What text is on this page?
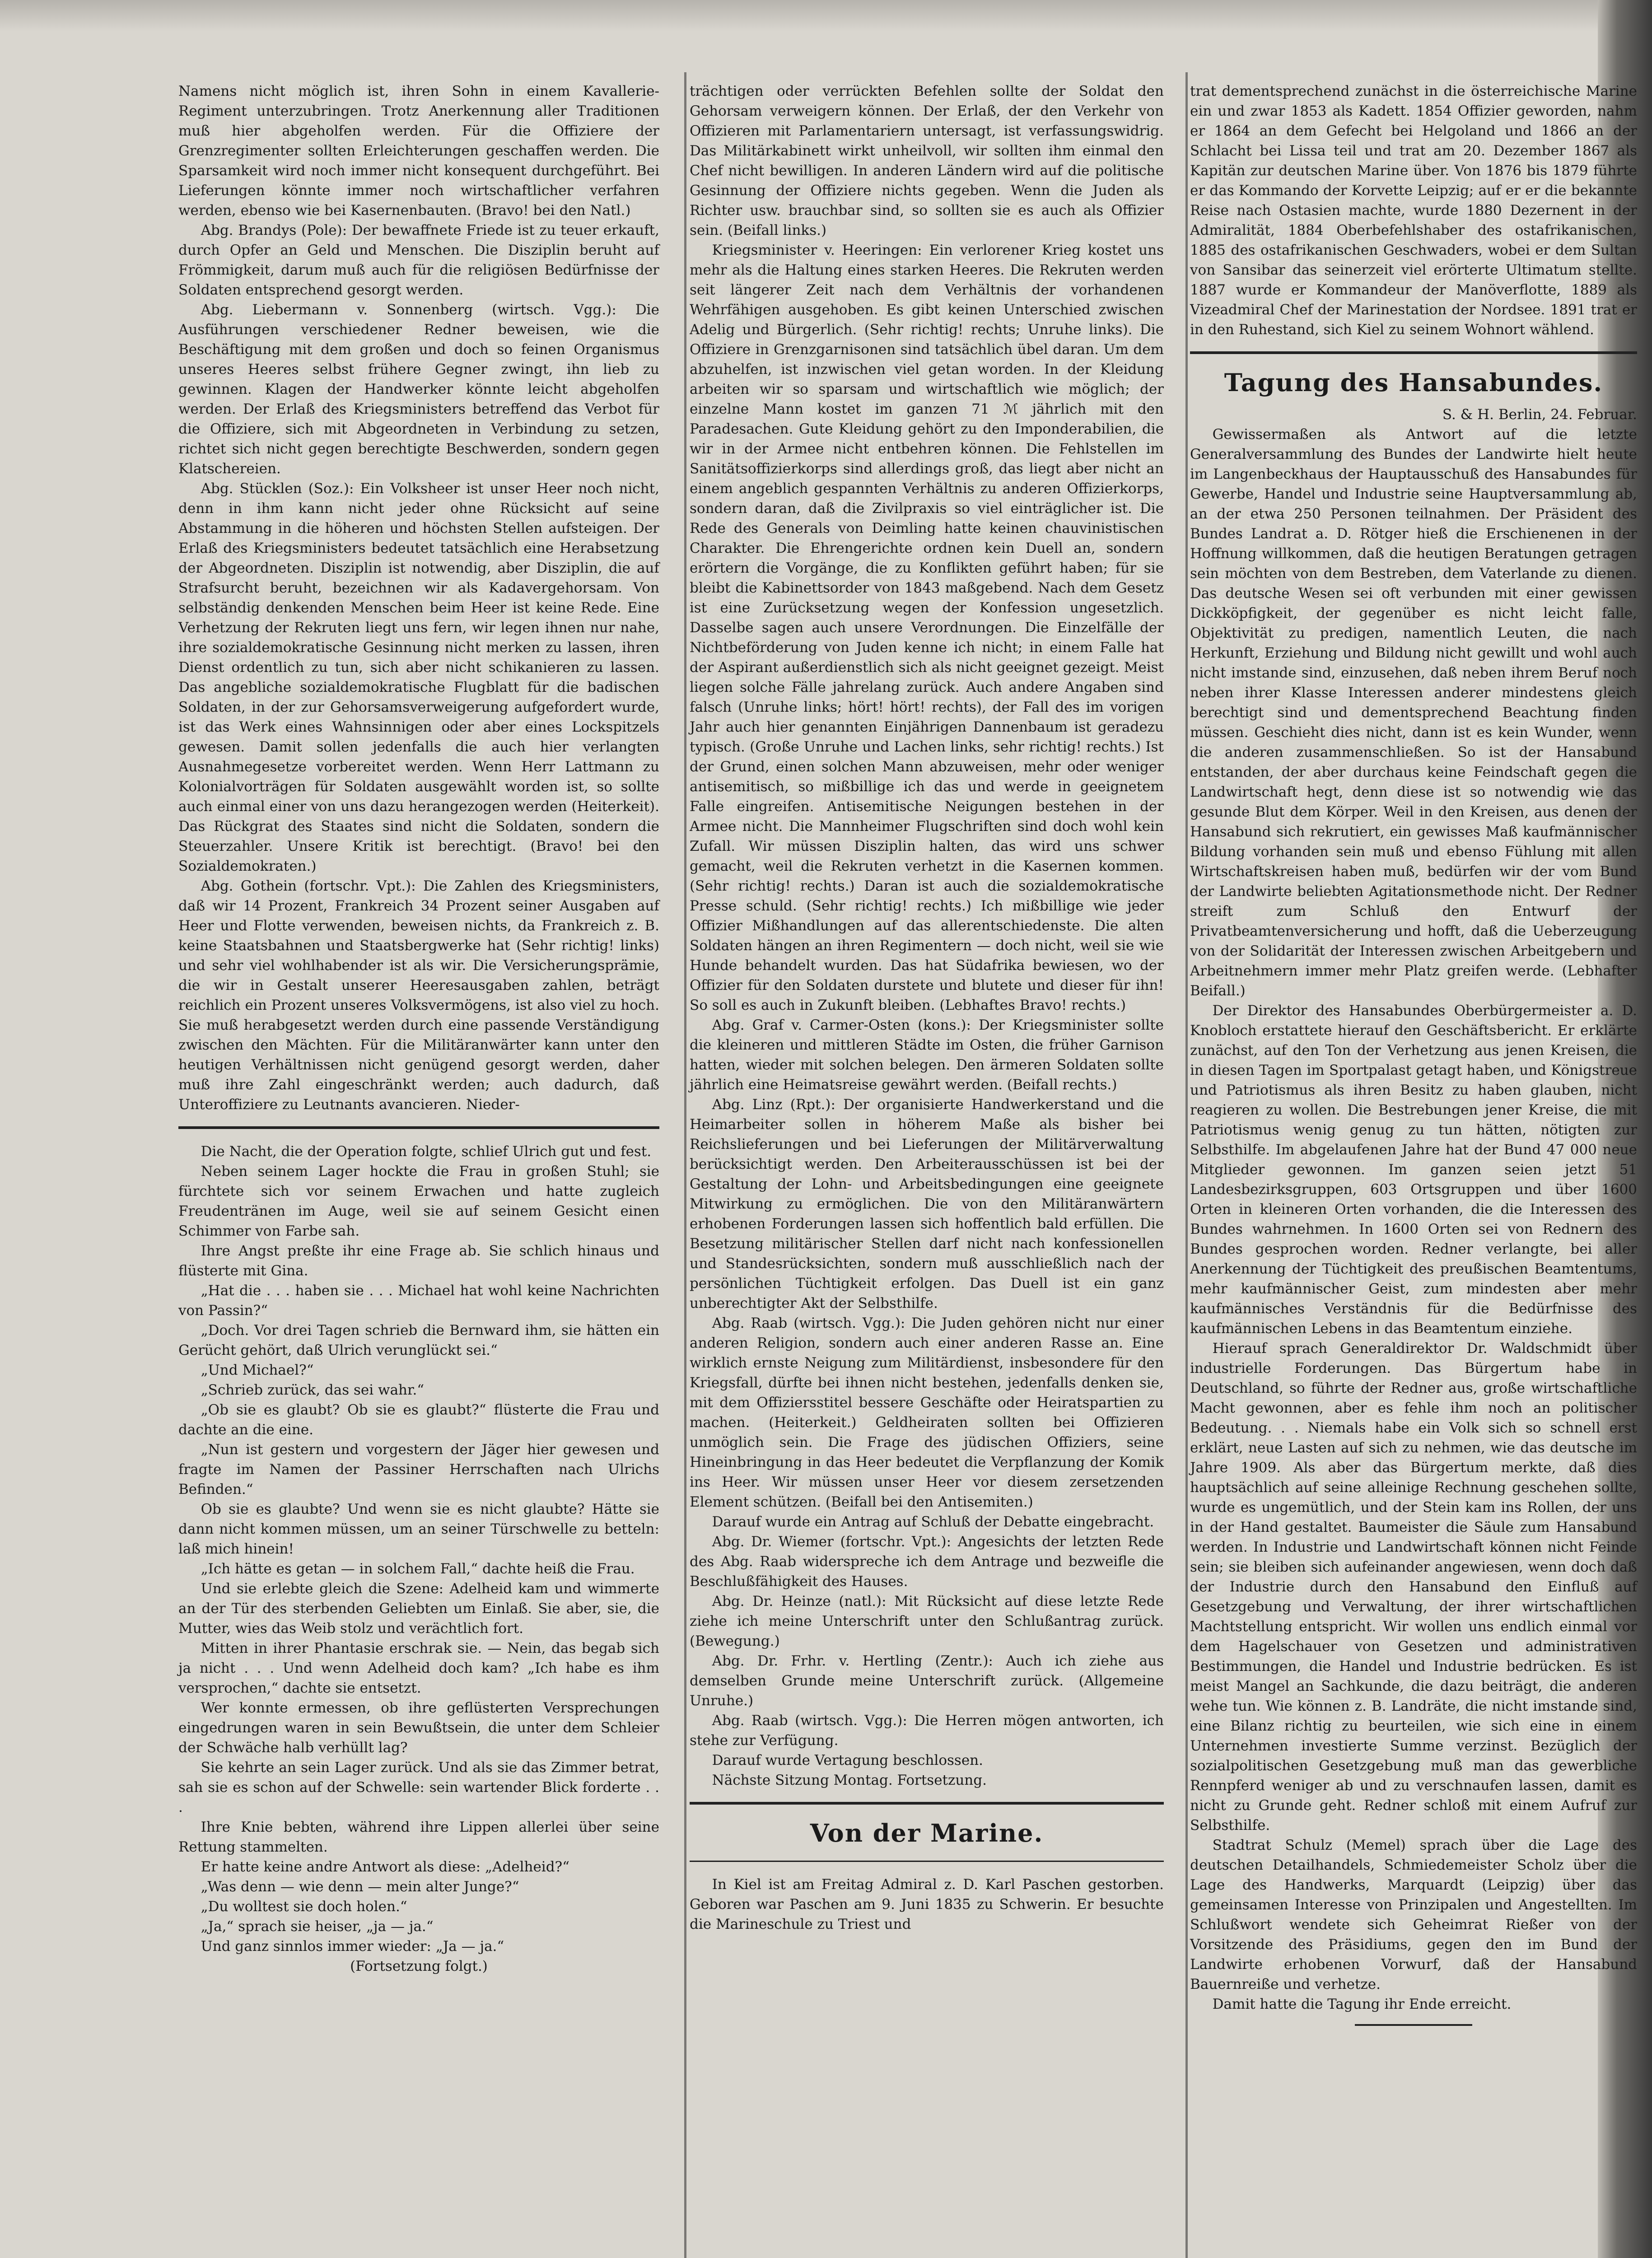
Namens nicht möglich ist, ihren Sohn in einem Kavallerie-Regiment unterzubringen. Trotz Anerkennung aller Traditionen muß hier abgeholfen werden. Für die Offiziere der Grenzregimenter sollten Erleichterungen geschaffen werden. Die Sparsamkeit wird noch immer nicht konsequent durchgeführt. Bei Lieferungen könnte immer noch wirtschaftlicher verfahren werden, ebenso wie bei Kasernenbauten. (Bravo! bei den Natl.)

Abg. Brandys (Pole): Der bewaffnete Friede ist zu teuer erkauft, durch Opfer an Geld und Menschen. Die Disziplin beruht auf Frömmigkeit, darum muß auch für die religiösen Bedürfnisse der Soldaten entsprechend gesorgt werden.

Abg. Liebermann v. Sonnenberg (wirtsch. Vgg.): Die Ausführungen verschiedener Redner beweisen, wie die Beschäftigung mit dem großen und doch so feinen Organismus unseres Heeres selbst frühere Gegner zwingt, ihn lieb zu gewinnen. Klagen der Handwerker könnte leicht abgeholfen werden. Der Erlaß des Kriegsministers betreffend das Verbot für die Offiziere, sich mit Abgeordneten in Verbindung zu setzen, richtet sich nicht gegen berechtigte Beschwerden, sondern gegen Klatschereien.

Abg. Stücklen (Soz.): Ein Volksheer ist unser Heer noch nicht, denn in ihm kann nicht jeder ohne Rücksicht auf seine Abstammung in die höheren und höchsten Stellen aufsteigen. Der Erlaß des Kriegsministers bedeutet tatsächlich eine Herabsetzung der Abgeordneten. Disziplin ist notwendig, aber Disziplin, die auf Strafsurcht beruht, bezeichnen wir als Kadavergehorsam. Von selbständig denkenden Menschen beim Heer ist keine Rede. Eine Verhetzung der Rekruten liegt uns fern, wir legen ihnen nur nahe, ihre sozialdemokratische Gesinnung nicht merken zu lassen, ihren Dienst ordentlich zu tun, sich aber nicht schikanieren zu lassen. Das angebliche sozialdemokratische Flugblatt für die badischen Soldaten, in der zur Gehorsamsverweigerung aufgefordert wurde, ist das Werk eines Wahnsinnigen oder aber eines Lockspitzels gewesen. Damit sollen jedenfalls die auch hier verlangten Ausnahmegesetze vorbereitet werden. Wenn Herr Lattmann zu Kolonialvorträgen für Soldaten ausgewählt worden ist, so sollte auch einmal einer von uns dazu herangezogen werden (Heiterkeit). Das Rückgrat des Staates sind nicht die Soldaten, sondern die Steuerzahler. Unsere Kritik ist berechtigt. (Bravo! bei den Sozialdemokraten.)

Abg. Gothein (fortschr. Vpt.): Die Zahlen des Kriegsministers, daß wir 14 Prozent, Frankreich 34 Prozent seiner Ausgaben auf Heer und Flotte verwenden, beweisen nichts, da Frankreich z. B. keine Staatsbahnen und Staatsbergwerke hat (Sehr richtig! links) und sehr viel wohlhabender ist als wir. Die Versicherungsprämie, die wir in Gestalt unserer Heeresausgaben zahlen, beträgt reichlich ein Prozent unseres Volksvermögens, ist also viel zu hoch. Sie muß herabgesetzt werden durch eine passende Verständigung zwischen den Mächten. Für die Militäranwärter kann unter den heutigen Verhältnissen nicht genügend gesorgt werden, daher muß ihre Zahl eingeschränkt werden; auch dadurch, daß Unteroffiziere zu Leutnants avancieren. Nieder-

Die Nacht, die der Operation folgte, schlief Ulrich gut und fest.

Neben seinem Lager hockte die Frau in großen Stuhl; sie fürchtete sich vor seinem Erwachen und hatte zugleich Freudentränen im Auge, weil sie auf seinem Gesicht einen Schimmer von Farbe sah.

Ihre Angst preßte ihr eine Frage ab. Sie schlich hinaus und flüsterte mit Gina.

„Hat die . . . haben sie . . . Michael hat wohl keine Nachrichten von Passin?“

„Doch. Vor drei Tagen schrieb die Bernward ihm, sie hätten ein Gerücht gehört, daß Ulrich verunglückt sei.“

„Und Michael?“

„Schrieb zurück, das sei wahr.“

„Ob sie es glaubt? Ob sie es glaubt?“ flüsterte die Frau und dachte an die eine.

„Nun ist gestern und vorgestern der Jäger hier gewesen und fragte im Namen der Passiner Herrschaften nach Ulrichs Befinden.“

Ob sie es glaubte? Und wenn sie es nicht glaubte? Hätte sie dann nicht kommen müssen, um an seiner Türschwelle zu betteln: laß mich hinein!

„Ich hätte es getan — in solchem Fall,“ dachte heiß die Frau.

Und sie erlebte gleich die Szene: Adelheid kam und wimmerte an der Tür des sterbenden Geliebten um Einlaß. Sie aber, sie, die Mutter, wies das Weib stolz und verächtlich fort.

Mitten in ihrer Phantasie erschrak sie. — Nein, das begab sich ja nicht . . . Und wenn Adelheid doch kam? „Ich habe es ihm versprochen,“ dachte sie entsetzt.

Wer konnte ermessen, ob ihre geflüsterten Versprechungen eingedrungen waren in sein Bewußtsein, die unter dem Schleier der Schwäche halb verhüllt lag?

Sie kehrte an sein Lager zurück. Und als sie das Zimmer betrat, sah sie es schon auf der Schwelle: sein wartender Blick forderte . . .

Ihre Knie bebten, während ihre Lippen allerlei über seine Rettung stammelten.

Er hatte keine andre Antwort als diese: „Adelheid?“

„Was denn — wie denn — mein alter Junge?“

„Du wolltest sie doch holen.“

„Ja,“ sprach sie heiser, „ja — ja.“

Und ganz sinnlos immer wieder: „Ja — ja.“

(Fortsetzung folgt.)

trächtigen oder verrückten Befehlen sollte der Soldat den Gehorsam verweigern können. Der Erlaß, der den Verkehr von Offizieren mit Parlamentariern untersagt, ist verfassungswidrig. Das Militärkabinett wirkt unheilvoll, wir sollten ihm einmal den Chef nicht bewilligen. In anderen Ländern wird auf die politische Gesinnung der Offiziere nichts gegeben. Wenn die Juden als Richter usw. brauchbar sind, so sollten sie es auch als Offizier sein. (Beifall links.)

Kriegsminister v. Heeringen: Ein verlorener Krieg kostet uns mehr als die Haltung eines starken Heeres. Die Rekruten werden seit längerer Zeit nach dem Verhältnis der vorhandenen Wehrfähigen ausgehoben. Es gibt keinen Unterschied zwischen Adelig und Bürgerlich. (Sehr richtig! rechts; Unruhe links). Die Offiziere in Grenzgarnisonen sind tatsächlich übel daran. Um dem abzuhelfen, ist inzwischen viel getan worden. In der Kleidung arbeiten wir so sparsam und wirtschaftlich wie möglich; der einzelne Mann kostet im ganzen 71 ℳ jährlich mit den Paradesachen. Gute Kleidung gehört zu den Imponderabilien, die wir in der Armee nicht entbehren können. Die Fehlstellen im Sanitätsoffizierkorps sind allerdings groß, das liegt aber nicht an einem angeblich gespannten Verhältnis zu anderen Offizierkorps, sondern daran, daß die Zivilpraxis so viel einträglicher ist. Die Rede des Generals von Deimling hatte keinen chauvinistischen Charakter. Die Ehrengerichte ordnen kein Duell an, sondern erörtern die Vorgänge, die zu Konflikten geführt haben; für sie bleibt die Kabinettsorder von 1843 maßgebend. Nach dem Gesetz ist eine Zurücksetzung wegen der Konfession ungesetzlich. Dasselbe sagen auch unsere Verordnungen. Die Einzelfälle der Nichtbeförderung von Juden kenne ich nicht; in einem Falle hat der Aspirant außerdienstlich sich als nicht geeignet gezeigt. Meist liegen solche Fälle jahrelang zurück. Auch andere Angaben sind falsch (Unruhe links; hört! hört! rechts), der Fall des im vorigen Jahr auch hier genannten Einjährigen Dannenbaum ist geradezu typisch. (Große Unruhe und Lachen links, sehr richtig! rechts.) Ist der Grund, einen solchen Mann abzuweisen, mehr oder weniger antisemitisch, so mißbillige ich das und werde in geeignetem Falle eingreifen. Antisemitische Neigungen bestehen in der Armee nicht. Die Mannheimer Flugschriften sind doch wohl kein Zufall. Wir müssen Disziplin halten, das wird uns schwer gemacht, weil die Rekruten verhetzt in die Kasernen kommen. (Sehr richtig! rechts.) Daran ist auch die sozialdemokratische Presse schuld. (Sehr richtig! rechts.) Ich mißbillige wie jeder Offizier Mißhandlungen auf das allerentschiedenste. Die alten Soldaten hängen an ihren Regimentern — doch nicht, weil sie wie Hunde behandelt wurden. Das hat Südafrika bewiesen, wo der Offizier für den Soldaten durstete und blutete und dieser für ihn! So soll es auch in Zukunft bleiben. (Lebhaftes Bravo! rechts.)

Abg. Graf v. Carmer-Osten (kons.): Der Kriegsminister sollte die kleineren und mittleren Städte im Osten, die früher Garnison hatten, wieder mit solchen belegen. Den ärmeren Soldaten sollte jährlich eine Heimatsreise gewährt werden. (Beifall rechts.)

Abg. Linz (Rpt.): Der organisierte Handwerkerstand und die Heimarbeiter sollen in höherem Maße als bisher bei Reichslieferungen und bei Lieferungen der Militärverwaltung berücksichtigt werden. Den Arbeiterausschüssen ist bei der Gestaltung der Lohn- und Arbeitsbedingungen eine geeignete Mitwirkung zu ermöglichen. Die von den Militäranwärtern erhobenen Forderungen lassen sich hoffentlich bald erfüllen. Die Besetzung militärischer Stellen darf nicht nach konfessionellen und Standesrücksichten, sondern muß ausschließlich nach der persönlichen Tüchtigkeit erfolgen. Das Duell ist ein ganz unberechtigter Akt der Selbsthilfe.

Abg. Raab (wirtsch. Vgg.): Die Juden gehören nicht nur einer anderen Religion, sondern auch einer anderen Rasse an. Eine wirklich ernste Neigung zum Militärdienst, insbesondere für den Kriegsfall, dürfte bei ihnen nicht bestehen, jedenfalls denken sie, mit dem Offiziersstitel bessere Geschäfte oder Heiratspartien zu machen. (Heiterkeit.) Geldheiraten sollten bei Offizieren unmöglich sein. Die Frage des jüdischen Offiziers, seine Hineinbringung in das Heer bedeutet die Verpflanzung der Komik ins Heer. Wir müssen unser Heer vor diesem zersetzenden Element schützen. (Beifall bei den Antisemiten.)

Darauf wurde ein Antrag auf Schluß der Debatte eingebracht.

Abg. Dr. Wiemer (fortschr. Vpt.): Angesichts der letzten Rede des Abg. Raab widerspreche ich dem Antrage und bezweifle die Beschlußfähigkeit des Hauses.

Abg. Dr. Heinze (natl.): Mit Rücksicht auf diese letzte Rede ziehe ich meine Unterschrift unter den Schlußantrag zurück. (Bewegung.)

Abg. Dr. Frhr. v. Hertling (Zentr.): Auch ich ziehe aus demselben Grunde meine Unterschrift zurück. (Allgemeine Unruhe.)

Abg. Raab (wirtsch. Vgg.): Die Herren mögen antworten, ich stehe zur Verfügung.

Darauf wurde Vertagung beschlossen.

Nächste Sitzung Montag. Fortsetzung.

Von der Marine.

In Kiel ist am Freitag Admiral z. D. Karl Paschen gestorben. Geboren war Paschen am 9. Juni 1835 zu Schwerin. Er besuchte die Marineschule zu Triest und

trat dementsprechend zunächst in die österreichische Marine ein und zwar 1853 als Kadett. 1854 Offizier geworden, nahm er 1864 an dem Gefecht bei Helgoland und 1866 an der Schlacht bei Lissa teil und trat am 20. Dezember 1867 als Kapitän zur deutschen Marine über. Von 1876 bis 1879 führte er das Kommando der Korvette Leipzig; auf er er die bekannte Reise nach Ostasien machte, wurde 1880 Dezernent in der Admiralität, 1884 Oberbefehlshaber des ostafrikanischen, 1885 des ostafrikanischen Geschwaders, wobei er dem Sultan von Sansibar das seinerzeit viel erörterte Ultimatum stellte. 1887 wurde er Kommandeur der Manöverflotte, 1889 als Vizeadmiral Chef der Marinestation der Nordsee. 1891 trat er in den Ruhestand, sich Kiel zu seinem Wohnort wählend.

Tagung des Hansabundes.

S. & H. Berlin, 24. Februar.

Gewissermaßen als Antwort auf die letzte Generalversammlung des Bundes der Landwirte hielt heute im Langenbeckhaus der Hauptausschuß des Hansabundes für Gewerbe, Handel und Industrie seine Hauptversammlung ab, an der etwa 250 Personen teilnahmen. Der Präsident des Bundes Landrat a. D. Rötger hieß die Erschienenen in der Hoffnung willkommen, daß die heutigen Beratungen getragen sein möchten von dem Bestreben, dem Vaterlande zu dienen. Das deutsche Wesen sei oft verbunden mit einer gewissen Dickköpfigkeit, der gegenüber es nicht leicht falle, Objektivität zu predigen, namentlich Leuten, die nach Herkunft, Erziehung und Bildung nicht gewillt und wohl auch nicht imstande sind, einzusehen, daß neben ihrem Beruf noch neben ihrer Klasse Interessen anderer mindestens gleich berechtigt sind und dementsprechend Beachtung finden müssen. Geschieht dies nicht, dann ist es kein Wunder, wenn die anderen zusammenschließen. So ist der Hansabund entstanden, der aber durchaus keine Feindschaft gegen die Landwirtschaft hegt, denn diese ist so notwendig wie das gesunde Blut dem Körper. Weil in den Kreisen, aus denen der Hansabund sich rekrutiert, ein gewisses Maß kaufmännischer Bildung vorhanden sein muß und ebenso Fühlung mit allen Wirtschaftskreisen haben muß, bedürfen wir der vom Bund der Landwirte beliebten Agitationsmethode nicht. Der Redner streift zum Schluß den Entwurf der Privatbeamtenversicherung und hofft, daß die Ueberzeugung von der Solidarität der Interessen zwischen Arbeitgebern und Arbeitnehmern immer mehr Platz greifen werde. (Lebhafter Beifall.)

Der Direktor des Hansabundes Oberbürgermeister a. D. Knobloch erstattete hierauf den Geschäftsbericht. Er erklärte zunächst, auf den Ton der Verhetzung aus jenen Kreisen, die in diesen Tagen im Sportpalast getagt haben, und Königstreue und Patriotismus als ihren Besitz zu haben glauben, nicht reagieren zu wollen. Die Bestrebungen jener Kreise, die mit Patriotismus wenig genug zu tun hätten, nötigten zur Selbsthilfe. Im abgelaufenen Jahre hat der Bund 47 000 neue Mitglieder gewonnen. Im ganzen seien jetzt 51 Landesbezirksgruppen, 603 Ortsgruppen und über 1600 Orten in kleineren Orten vorhanden, die die Interessen des Bundes wahrnehmen. In 1600 Orten sei von Rednern des Bundes gesprochen worden. Redner verlangte, bei aller Anerkennung der Tüchtigkeit des preußischen Beamtentums, mehr kaufmännischer Geist, zum mindesten aber mehr kaufmännisches Verständnis für die Bedürfnisse des kaufmännischen Lebens in das Beamtentum einziehe.

Hierauf sprach Generaldirektor Dr. Waldschmidt über industrielle Forderungen. Das Bürgertum habe in Deutschland, so führte der Redner aus, große wirtschaftliche Macht gewonnen, aber es fehle ihm noch an politischer Bedeutung. . . Niemals habe ein Volk sich so schnell erst erklärt, neue Lasten auf sich zu nehmen, wie das deutsche im Jahre 1909. Als aber das Bürgertum merkte, daß dies hauptsächlich auf seine alleinige Rechnung geschehen sollte, wurde es ungemütlich, und der Stein kam ins Rollen, der uns in der Hand gestaltet. Baumeister die Säule zum Hansabund werden. In Industrie und Landwirtschaft können nicht Feinde sein; sie bleiben sich aufeinander angewiesen, wenn doch daß der Industrie durch den Hansabund den Einfluß auf Gesetzgebung und Verwaltung, der ihrer wirtschaftlichen Machtstellung entspricht. Wir wollen uns endlich einmal vor dem Hagelschauer von Gesetzen und administrativen Bestimmungen, die Handel und Industrie bedrücken. Es ist meist Mangel an Sachkunde, die dazu beiträgt, die anderen wehe tun. Wie können z. B. Landräte, die nicht imstande sind, eine Bilanz richtig zu beurteilen, wie sich eine in einem Unternehmen investierte Summe verzinst. Bezüglich der sozialpolitischen Gesetzgebung muß man das gewerbliche Rennpferd weniger ab und zu verschnaufen lassen, damit es nicht zu Grunde geht. Redner schloß mit einem Aufruf zur Selbsthilfe.

Stadtrat Schulz (Memel) sprach über die Lage des deutschen Detailhandels, Schmiedemeister Scholz über die Lage des Handwerks, Marquardt (Leipzig) über das gemeinsamen Interesse von Prinzipalen und Angestellten. Im Schlußwort wendete sich Geheimrat Rießer von der Vorsitzende des Präsidiums, gegen den im Bund der Landwirte erhobenen Vorwurf, daß der Hansabund Bauernreiße und verhetze.

Damit hatte die Tagung ihr Ende erreicht.
